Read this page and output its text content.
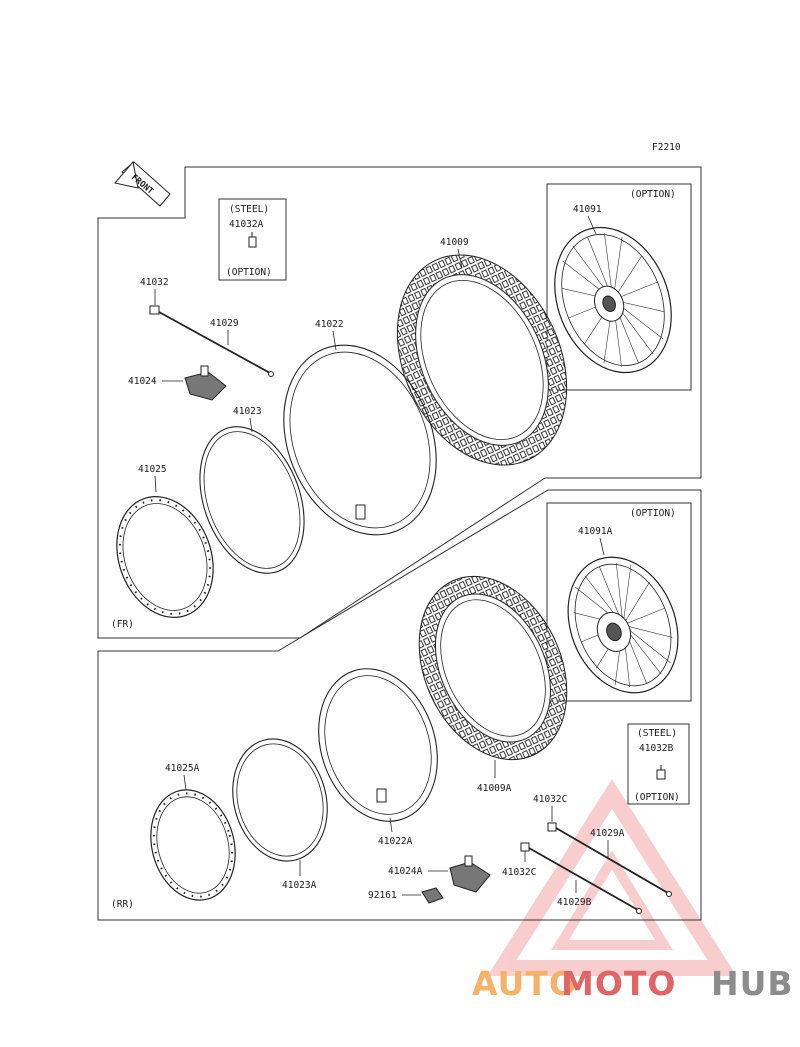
F2210
FRONT
(STEEL)
41032A
(OPTION)
(OPTION)
41091
41009
41022
41032
41029
41024
41023
41025
(FR)
(OPTION)
41091A
41009A
(STEEL)
41032B
(OPTION)
41022A
41023A
41025A
41024A
92161
41032C
41029A
41032C
41029B
(RR)
AUTO
MOTO HUB
